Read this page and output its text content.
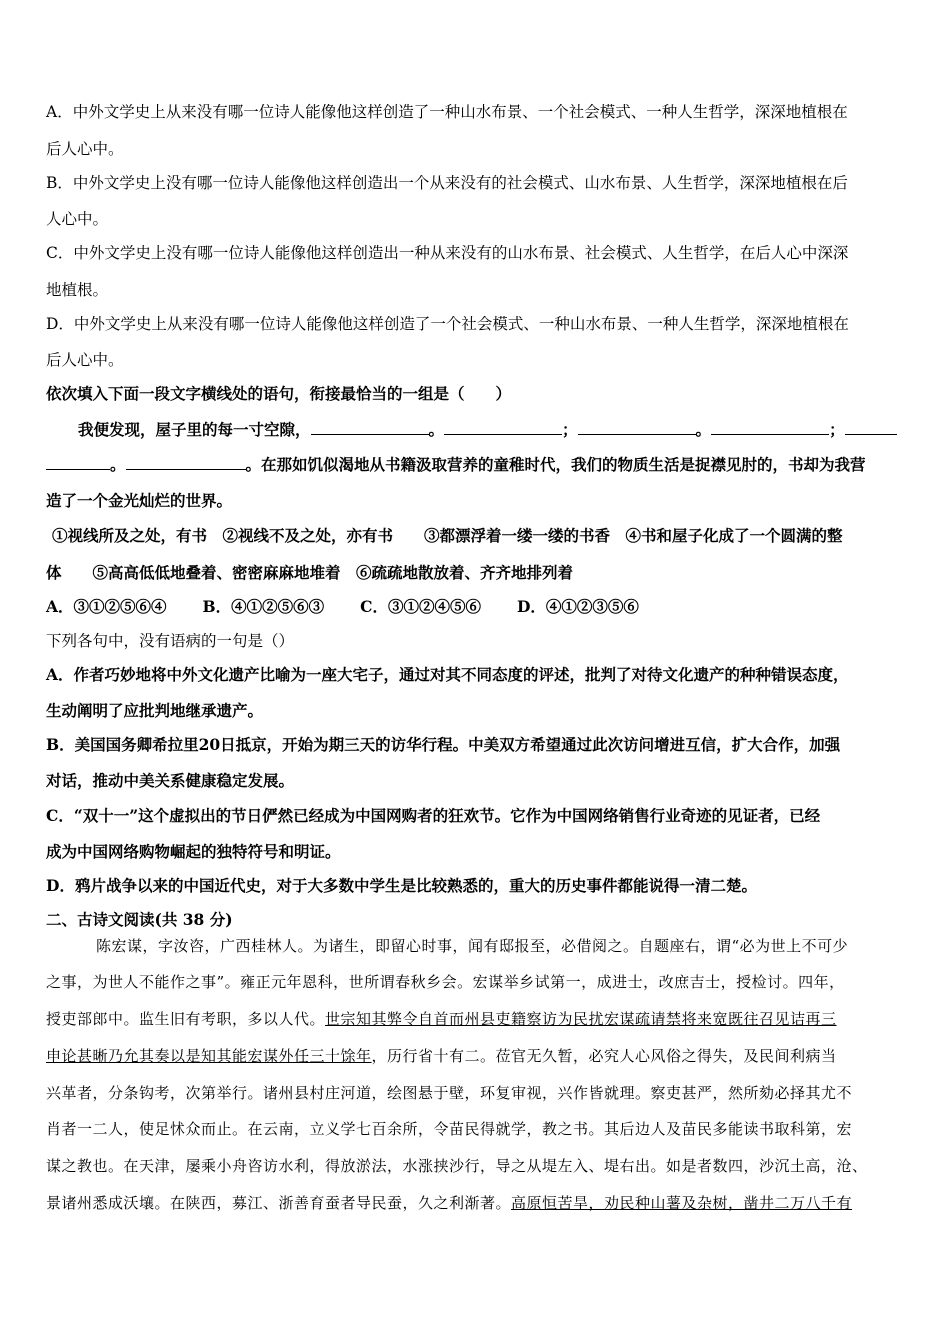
A．中外文学史上从来没有哪一位诗人能像他这样创造了一种山水布景、一个社会模式、一种人生哲学，深深地植根在
后人心中。
B．中外文学史上没有哪一位诗人能像他这样创造出一个从来没有的社会模式、山水布景、人生哲学，深深地植根在后
人心中。
C．中外文学史上没有哪一位诗人能像他这样创造出一种从来没有的山水布景、社会模式、人生哲学，在后人心中深深
地植根。
D．中外文学史上从来没有哪一位诗人能像他这样创造了一个社会模式、一种山水布景、一种人生哲学，深深地植根在
后人心中。
依次填入下面一段文字横线处的语句，衔接最恰当的一组是（　　）
我便发现，屋子里的每一寸空隙，	。	；	。	；
。	。在那如饥似渴地从书籍汲取营养的童稚时代，我们的物质生活是捉襟见肘的，书却为我营
造了一个金光灿烂的世界。
①视线所及之处，有书　②视线不及之处，亦有书　　③都漂浮着一缕一缕的书香　④书和屋子化成了一个圆满的整
体　　⑤高高低低地叠着、密密麻麻地堆着　⑥疏疏地散放着、齐齐地排列着
A．③①②⑤⑥④ B．④①②⑤⑥③ C．③①②④⑤⑥ D．④①②③⑤⑥
下列各句中，没有语病的一句是（）
A．作者巧妙地将中外文化遗产比喻为一座大宅子，通过对其不同态度的评述，批判了对待文化遗产的种种错误态度，
生动阐明了应批判地继承遗产。
B．美国国务卿希拉里20日抵京，开始为期三天的访华行程。中美双方希望通过此次访问增进互信，扩大合作，加强
对话，推动中美关系健康稳定发展。
C．“双十一”这个虚拟出的节日俨然已经成为中国网购者的狂欢节。它作为中国网络销售行业奇迹的见证者，已经
成为中国网络购物崛起的独特符号和明证。
D．鸦片战争以来的中国近代史，对于大多数中学生是比较熟悉的，重大的历史事件都能说得一清二楚。
二、古诗文阅读(共 38 分)
陈宏谋，字汝咨，广西桂林人。为诸生，即留心时事，闻有邸报至，必借阅之。自题座右，谓“必为世上不可少
之事，为世人不能作之事”。雍正元年恩科，世所谓春秋乡会。宏谋举乡试第一，成进士，改庶吉士，授检讨。四年，
授吏部郎中。监生旧有考职，多以人代。世宗知其弊令自首而州县吏籍察访为民扰宏谋疏请禁将来宽既往召见诘再三
申论甚晰乃允其奏以是知其能宏谋外任三十馀年，历行省十有二。莅官无久暂，必究人心风俗之得失，及民间利病当
兴革者，分条钩考，次第举行。诸州县村庄河道，绘图悬于壁，环复审视，兴作皆就理。察吏甚严，然所劾必择其尤不
肖者一二人，使足怵众而止。在云南，立义学七百余所，令苗民得就学，教之书。其后边人及苗民多能读书取科第，宏
谋之教也。在天津，屡乘小舟咨访水利，得放淤法，水涨挟沙行，导之从堤左入、堤右出。如是者数四，沙沉土高，沧、
景诸州悉成沃壤。在陕西，募江、浙善育蚕者导民蚕，久之利渐著。高原恒苦旱，劝民种山薯及杂树，凿井二万八千有
